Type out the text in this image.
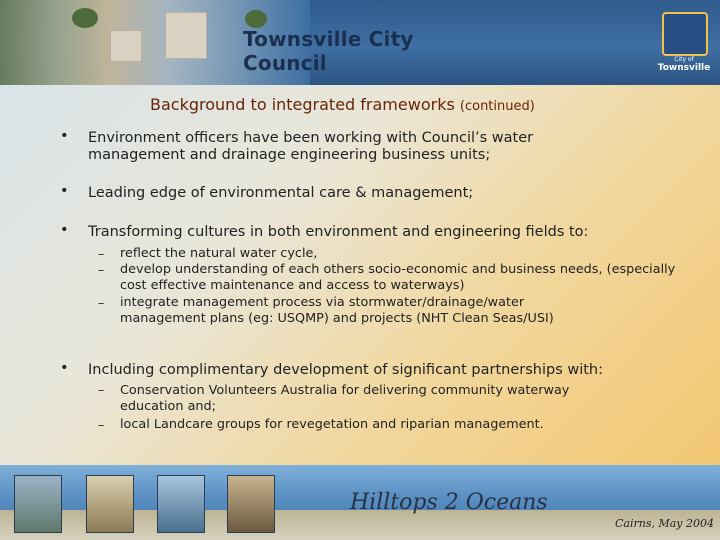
Townsville City Council	City of
Townsville
Background to integrated frameworks (continued)
• Environment officers have been working with Council’s water management and drainage engineering business units;
• Leading edge of environmental care & management;
• Transforming cultures in both environment and engineering fields to:
– reflect the natural water cycle,
– develop understanding of each others socio-economic and business needs, (especially cost effective maintenance and access to waterways)
– integrate management process via stormwater/drainage/water management plans (eg: USQMP) and projects (NHT Clean Seas/USI)
• Including complimentary development of significant partnerships with:
– Conservation Volunteers Australia for delivering community waterway education and;
– local Landcare groups for revegetation and riparian management.
Hilltops 2 Oceans
Cairns, May 2004
